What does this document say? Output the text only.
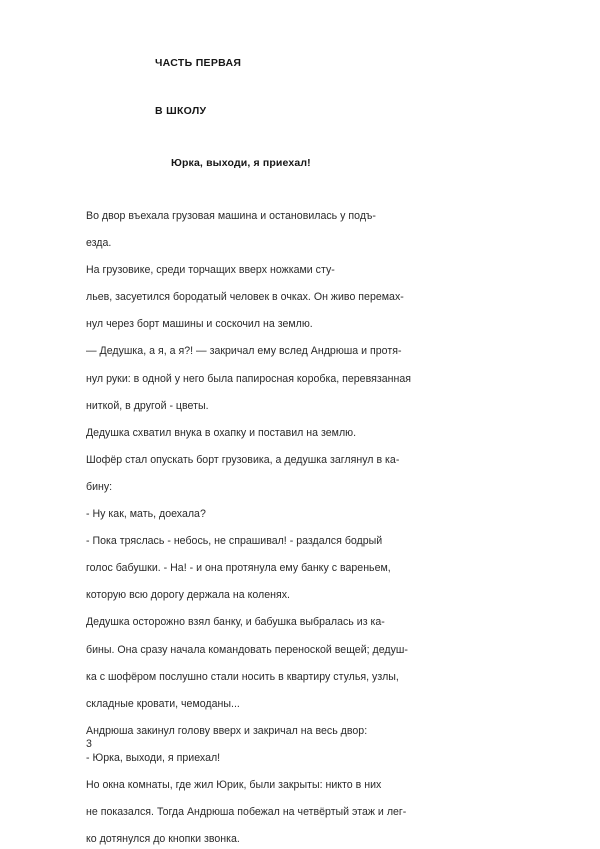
ЧАСТЬ ПЕРВАЯ

В ШКОЛУ

Юрка, выходи, я приехал!

Во двор въехала грузовая машина и остановилась у подъ-
езда.
На грузовике, среди торчащих вверх ножками сту-
льев, засуетился бородатый человек в очках. Он живо перемах-
нул через борт машины и соскочил на землю.
— Дедушка, а я, а я?! — закричал ему вслед Андрюша и протя-
нул руки: в одной у него была папиросная коробка, перевязанная
ниткой, в другой - цветы.
Дедушка схватил внука в охапку и поставил на землю.
Шофёр стал опускать борт грузовика, а дедушка заглянул в ка-
бину:
- Ну как, мать, доехала?
- Пока тряслась - небось, не спрашивал! - раздался бодрый
голос бабушки. - На! - и она протянула ему банку с вареньем,
которую всю дорогу держала на коленях.
Дедушка осторожно взял банку, и бабушка выбралась из ка-
бины. Она сразу начала командовать переноской вещей; дедуш-
ка с шофёром послушно стали носить в квартиру стулья, узлы,
складные кровати, чемоданы...
Андрюша закинул голову вверх и закричал на весь двор:
- Юрка, выходи, я приехал!
Но окна комнаты, где жил Юрик, были закрыты: никто в них
не показался. Тогда Андрюша побежал на четвёртый этаж и лег-
ко дотянулся до кнопки звонка.
3
